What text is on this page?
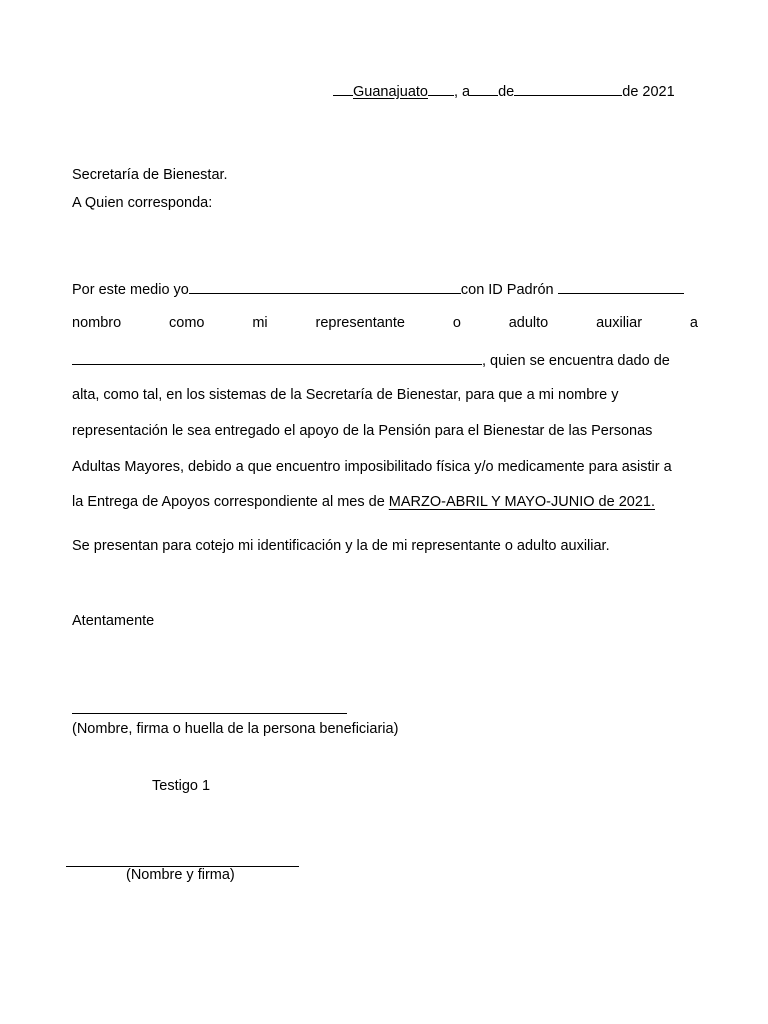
Guanajuato , a de	de 2021
Secretaría de Bienestar.
A Quien corresponda:
Por este medio yo	con ID Padrón
nombro	como	mi	representante	o	adulto	auxiliar	a
, quien se encuentra dado de
alta, como tal, en los sistemas de la Secretaría de Bienestar, para que a mi nombre y
representación le sea entregado el apoyo de la Pensión para el Bienestar de las Personas
Adultas Mayores, debido a que encuentro imposibilitado física y/o medicamente para asistir a
la Entrega de Apoyos correspondiente al mes de MARZO-ABRIL Y MAYO-JUNIO de 2021.
Se presentan para cotejo mi identificación y la de mi representante o adulto auxiliar.
Atentamente
(Nombre, firma o huella de la persona beneficiaria)
Testigo 1
(Nombre y firma)
